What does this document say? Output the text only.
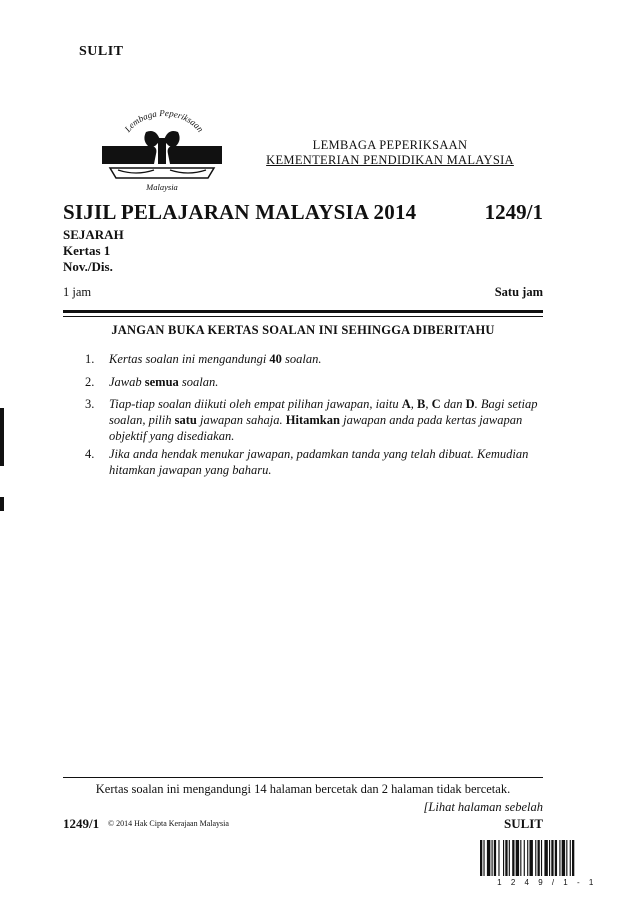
SULIT
Lembaga Peperiksaan
Malaysia
LEMBAGA PEPERIKSAAN
KEMENTERIAN PENDIDIKAN MALAYSIA
SIJIL PELAJARAN MALAYSIA 2014	1249/1
SEJARAH
Kertas 1
Nov./Dis.
1 jam	Satu jam
JANGAN BUKA KERTAS SOALAN INI SEHINGGA DIBERITAHU
1. Kertas soalan ini mengandungi 40 soalan.
2. Jawab semua soalan.
3. Tiap-tiap soalan diikuti oleh empat pilihan jawapan, iaitu A, B, C dan D. Bagi setiap soalan, pilih satu jawapan sahaja. Hitamkan jawapan anda pada kertas jawapan objektif yang disediakan.
4. Jika anda hendak menukar jawapan, padamkan tanda yang telah dibuat. Kemudian hitamkan jawapan yang baharu.
Kertas soalan ini mengandungi 14 halaman bercetak dan 2 halaman tidak bercetak.
[Lihat halaman sebelah
1249/1 © 2014 Hak Cipta Kerajaan Malaysia	SULIT
1 2 4 9 / 1 - 1
